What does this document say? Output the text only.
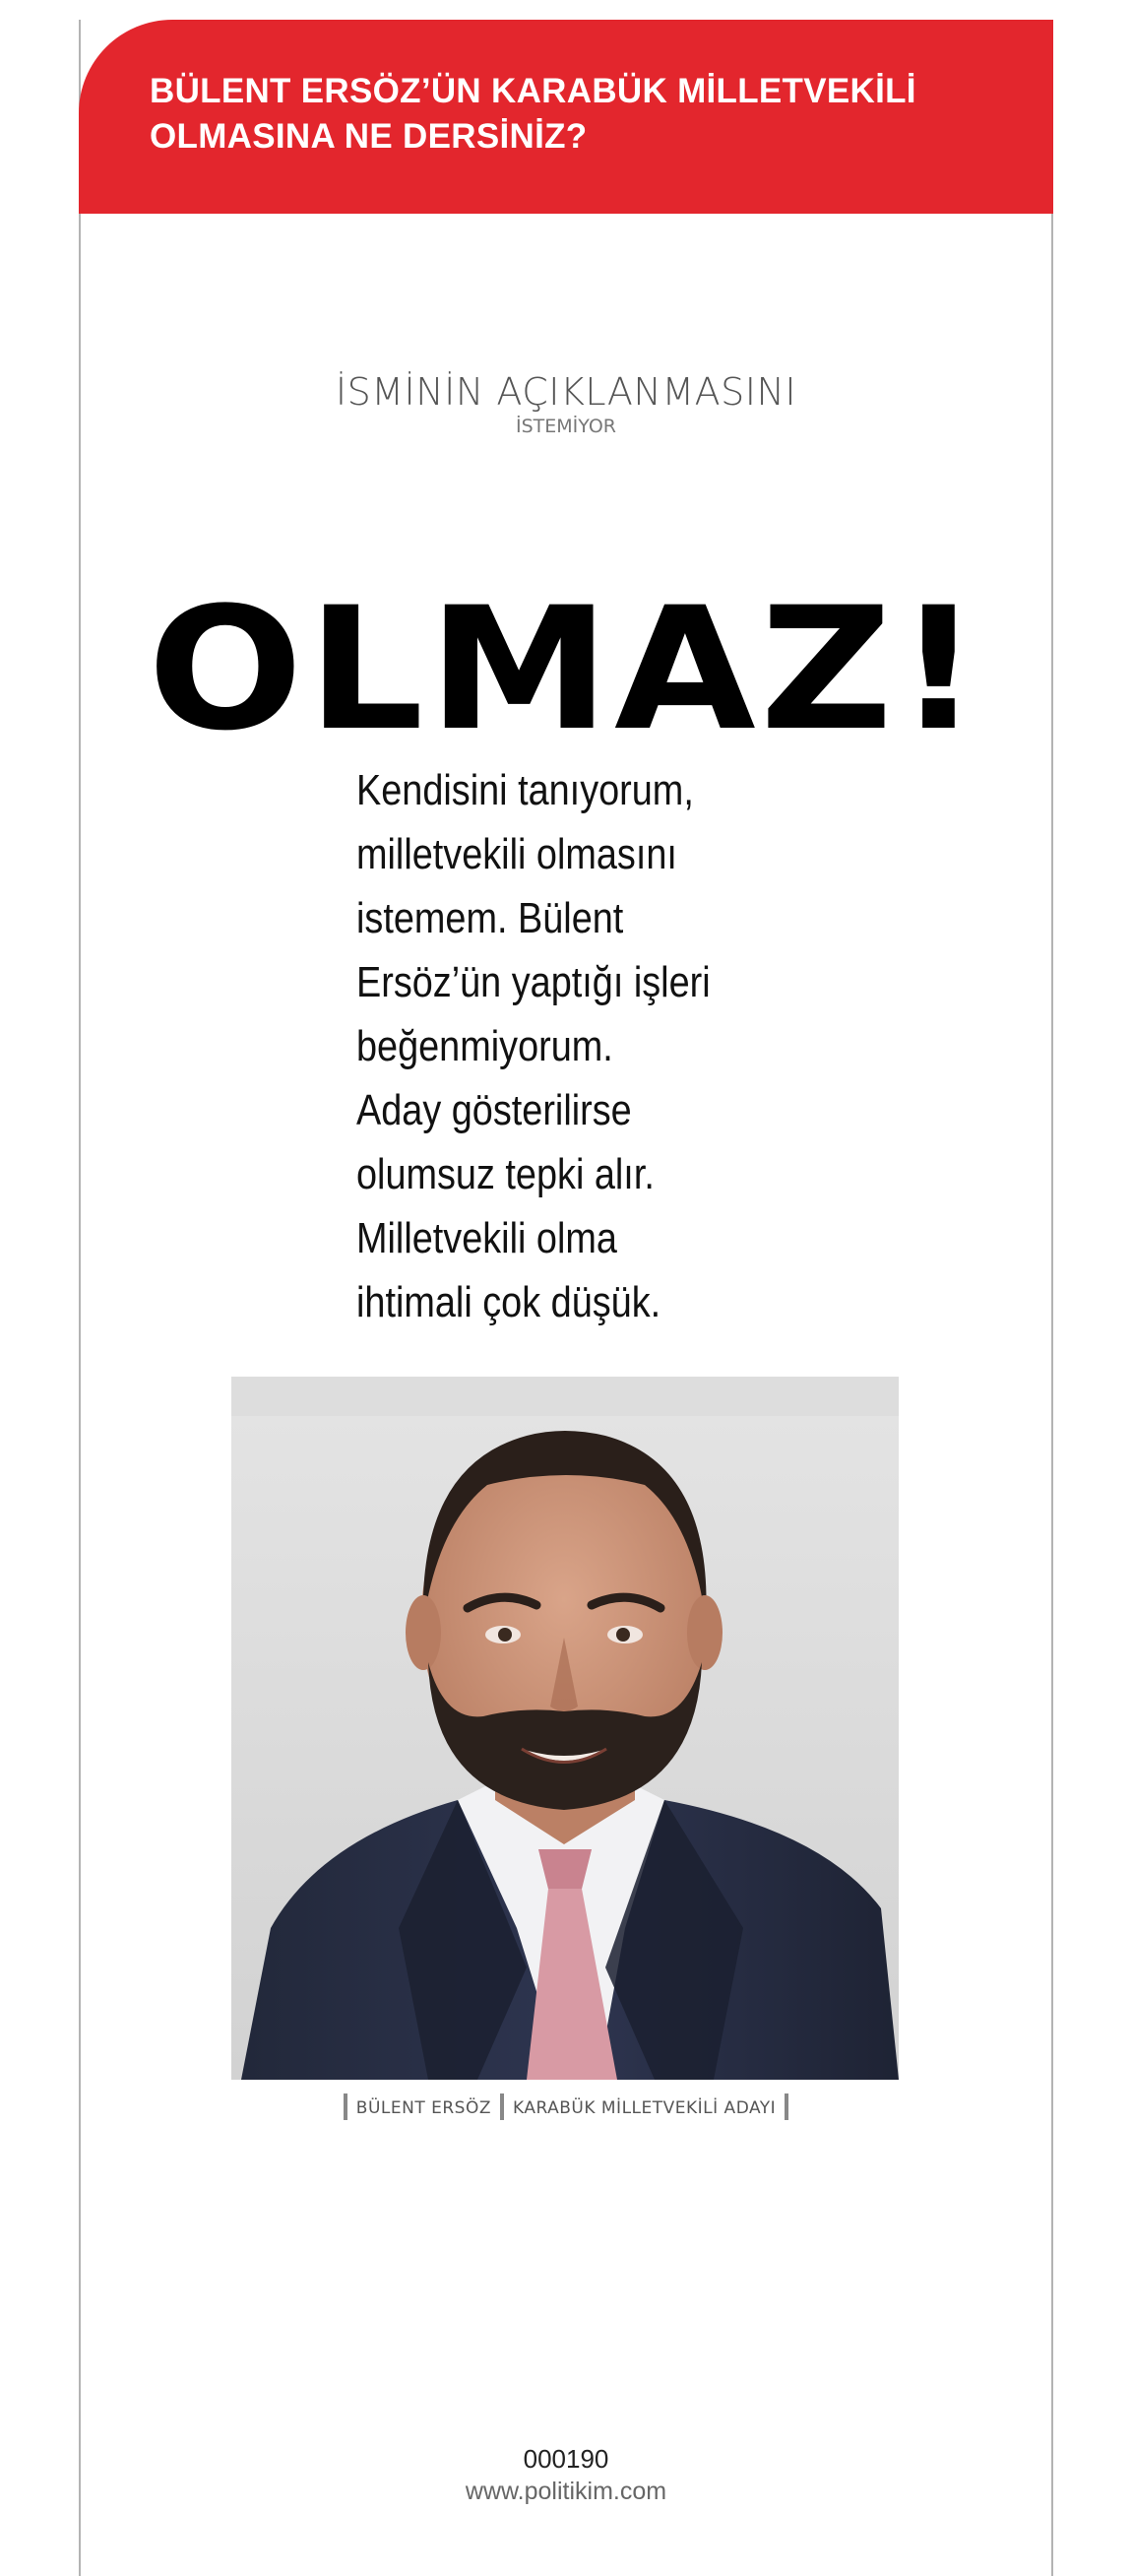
BÜLENT ERSÖZ’ÜN KARABÜK MİLLETVEKİLİ
OLMASINA NE DERSİNİZ?
İSMİNİN AÇIKLANMASINI
İSTEMİYOR
OLMAZ!

Kendisini tanıyorum,
milletvekili olmasını
istemem. Bülent
Ersöz’ün yaptığı işleri
beğenmiyorum.
Aday gösterilirse
olumsuz tepki alır.
Milletvekili olma
ihtimali çok düşük.

BÜLENT ERSÖZ KARABÜK MİLLETVEKİLİ ADAYI
000190
www.politikim.com
